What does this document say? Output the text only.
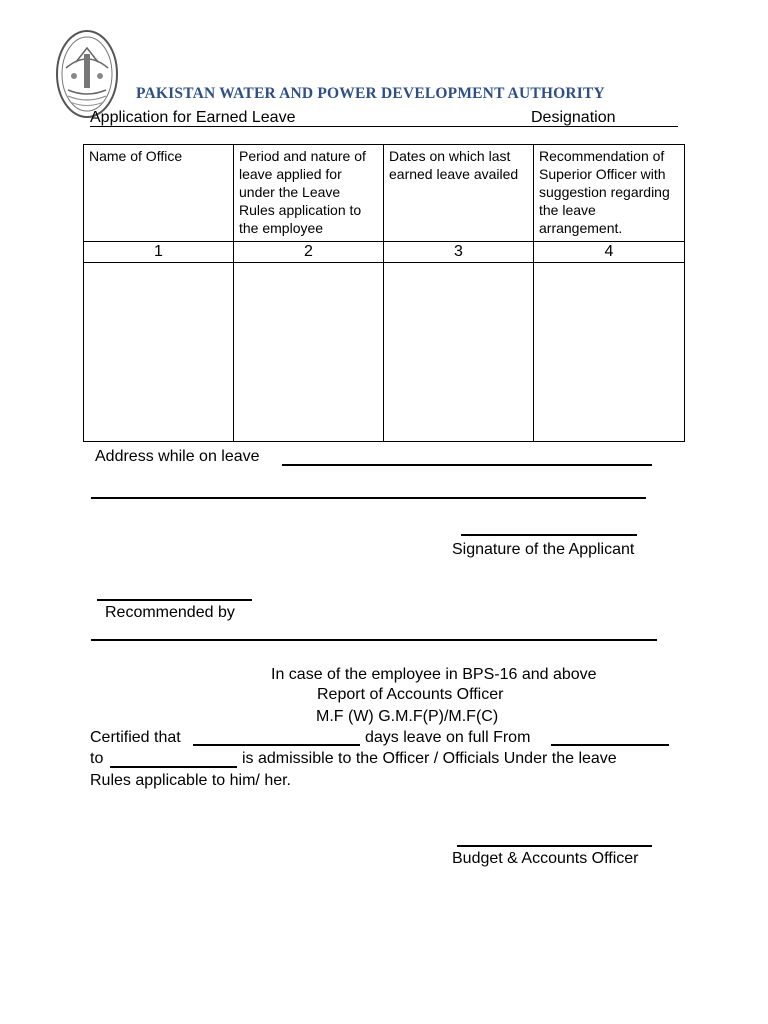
PAKISTAN WATER AND POWER DEVELOPMENT AUTHORITY
Application for Earned Leave	Designation
Name of Office	Period and nature of leave applied for under the Leave Rules application to the employee	Dates on which last earned leave availed	Recommendation of Superior Officer with suggestion regarding the leave arrangement.
1	2	3	4

Address while on leave
Signature of the Applicant
Recommended by
In case of the employee in BPS-16 and above
Report of Accounts Officer
M.F (W) G.M.F(P)/M.F(C)
Certified that	days leave on full From
to	is admissible to the Officer / Officials Under the leave
Rules applicable to him/ her.
Budget & Accounts Officer
